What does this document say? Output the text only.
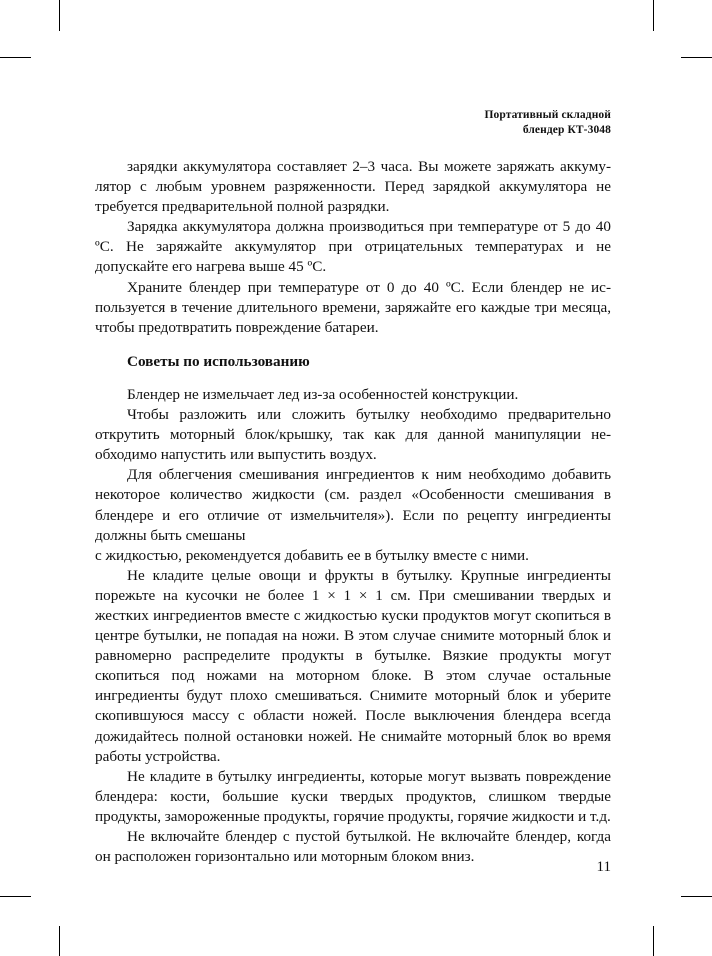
Портативный складной
блендер КТ-3048

зарядки аккумулятора составляет 2–3 часа. Вы можете заряжать аккумулятор с любым уровнем разряженности. Перед зарядкой аккумулятора не требуется предварительной полной разрядки.

Зарядка аккумулятора должна производиться при температуре от 5 до 40 ºС. Не заряжайте аккумулятор при отрицательных температурах и не допускайте его нагрева выше 45 ºС.

Храните блендер при температуре от 0 до 40 ºС. Если блендер не используется в течение длительного времени, заряжайте его каждые три месяца, чтобы предотвратить повреждение батареи.

Советы по использованию

Блендер не измельчает лед из-за особенностей конструкции.

Чтобы разложить или сложить бутылку необходимо предварительно открутить моторный блок/крышку, так как для данной манипуляции необходимо напустить или выпустить воздух.

Для облегчения смешивания ингредиентов к ним необходимо добавить некоторое количество жидкости (см. раздел «Особенности смешивания в блендере и его отличие от измельчителя»). Если по рецепту ингредиенты должны быть смешаны
с жидкостью, рекомендуется добавить ее в бутылку вместе с ними.

Не кладите целые овощи и фрукты в бутылку. Крупные ингредиенты порежьте на кусочки не более 1 × 1 × 1 см. При смешивании твердых и жестких ингредиентов вместе с жидкостью куски продуктов могут скопиться в центре бутылки, не попадая на ножи. В этом случае снимите моторный блок и равномерно распределите продукты в бутылке. Вязкие продукты могут скопиться под ножами на моторном блоке. В этом случае остальные ингредиенты будут плохо смешиваться. Снимите моторный блок и уберите скопившуюся массу с области ножей. После выключения блендера всегда дожидайтесь полной остановки ножей. Не снимайте моторный блок во время работы устройства.

Не кладите в бутылку ингредиенты, которые могут вызвать повреждение блендера: кости, большие куски твердых продуктов, слишком твердые продукты, замороженные продукты, горячие продукты, горячие жидкости и т.д.

Не включайте блендер с пустой бутылкой. Не включайте блендер, когда он расположен горизонтально или моторным блоком вниз.

11
